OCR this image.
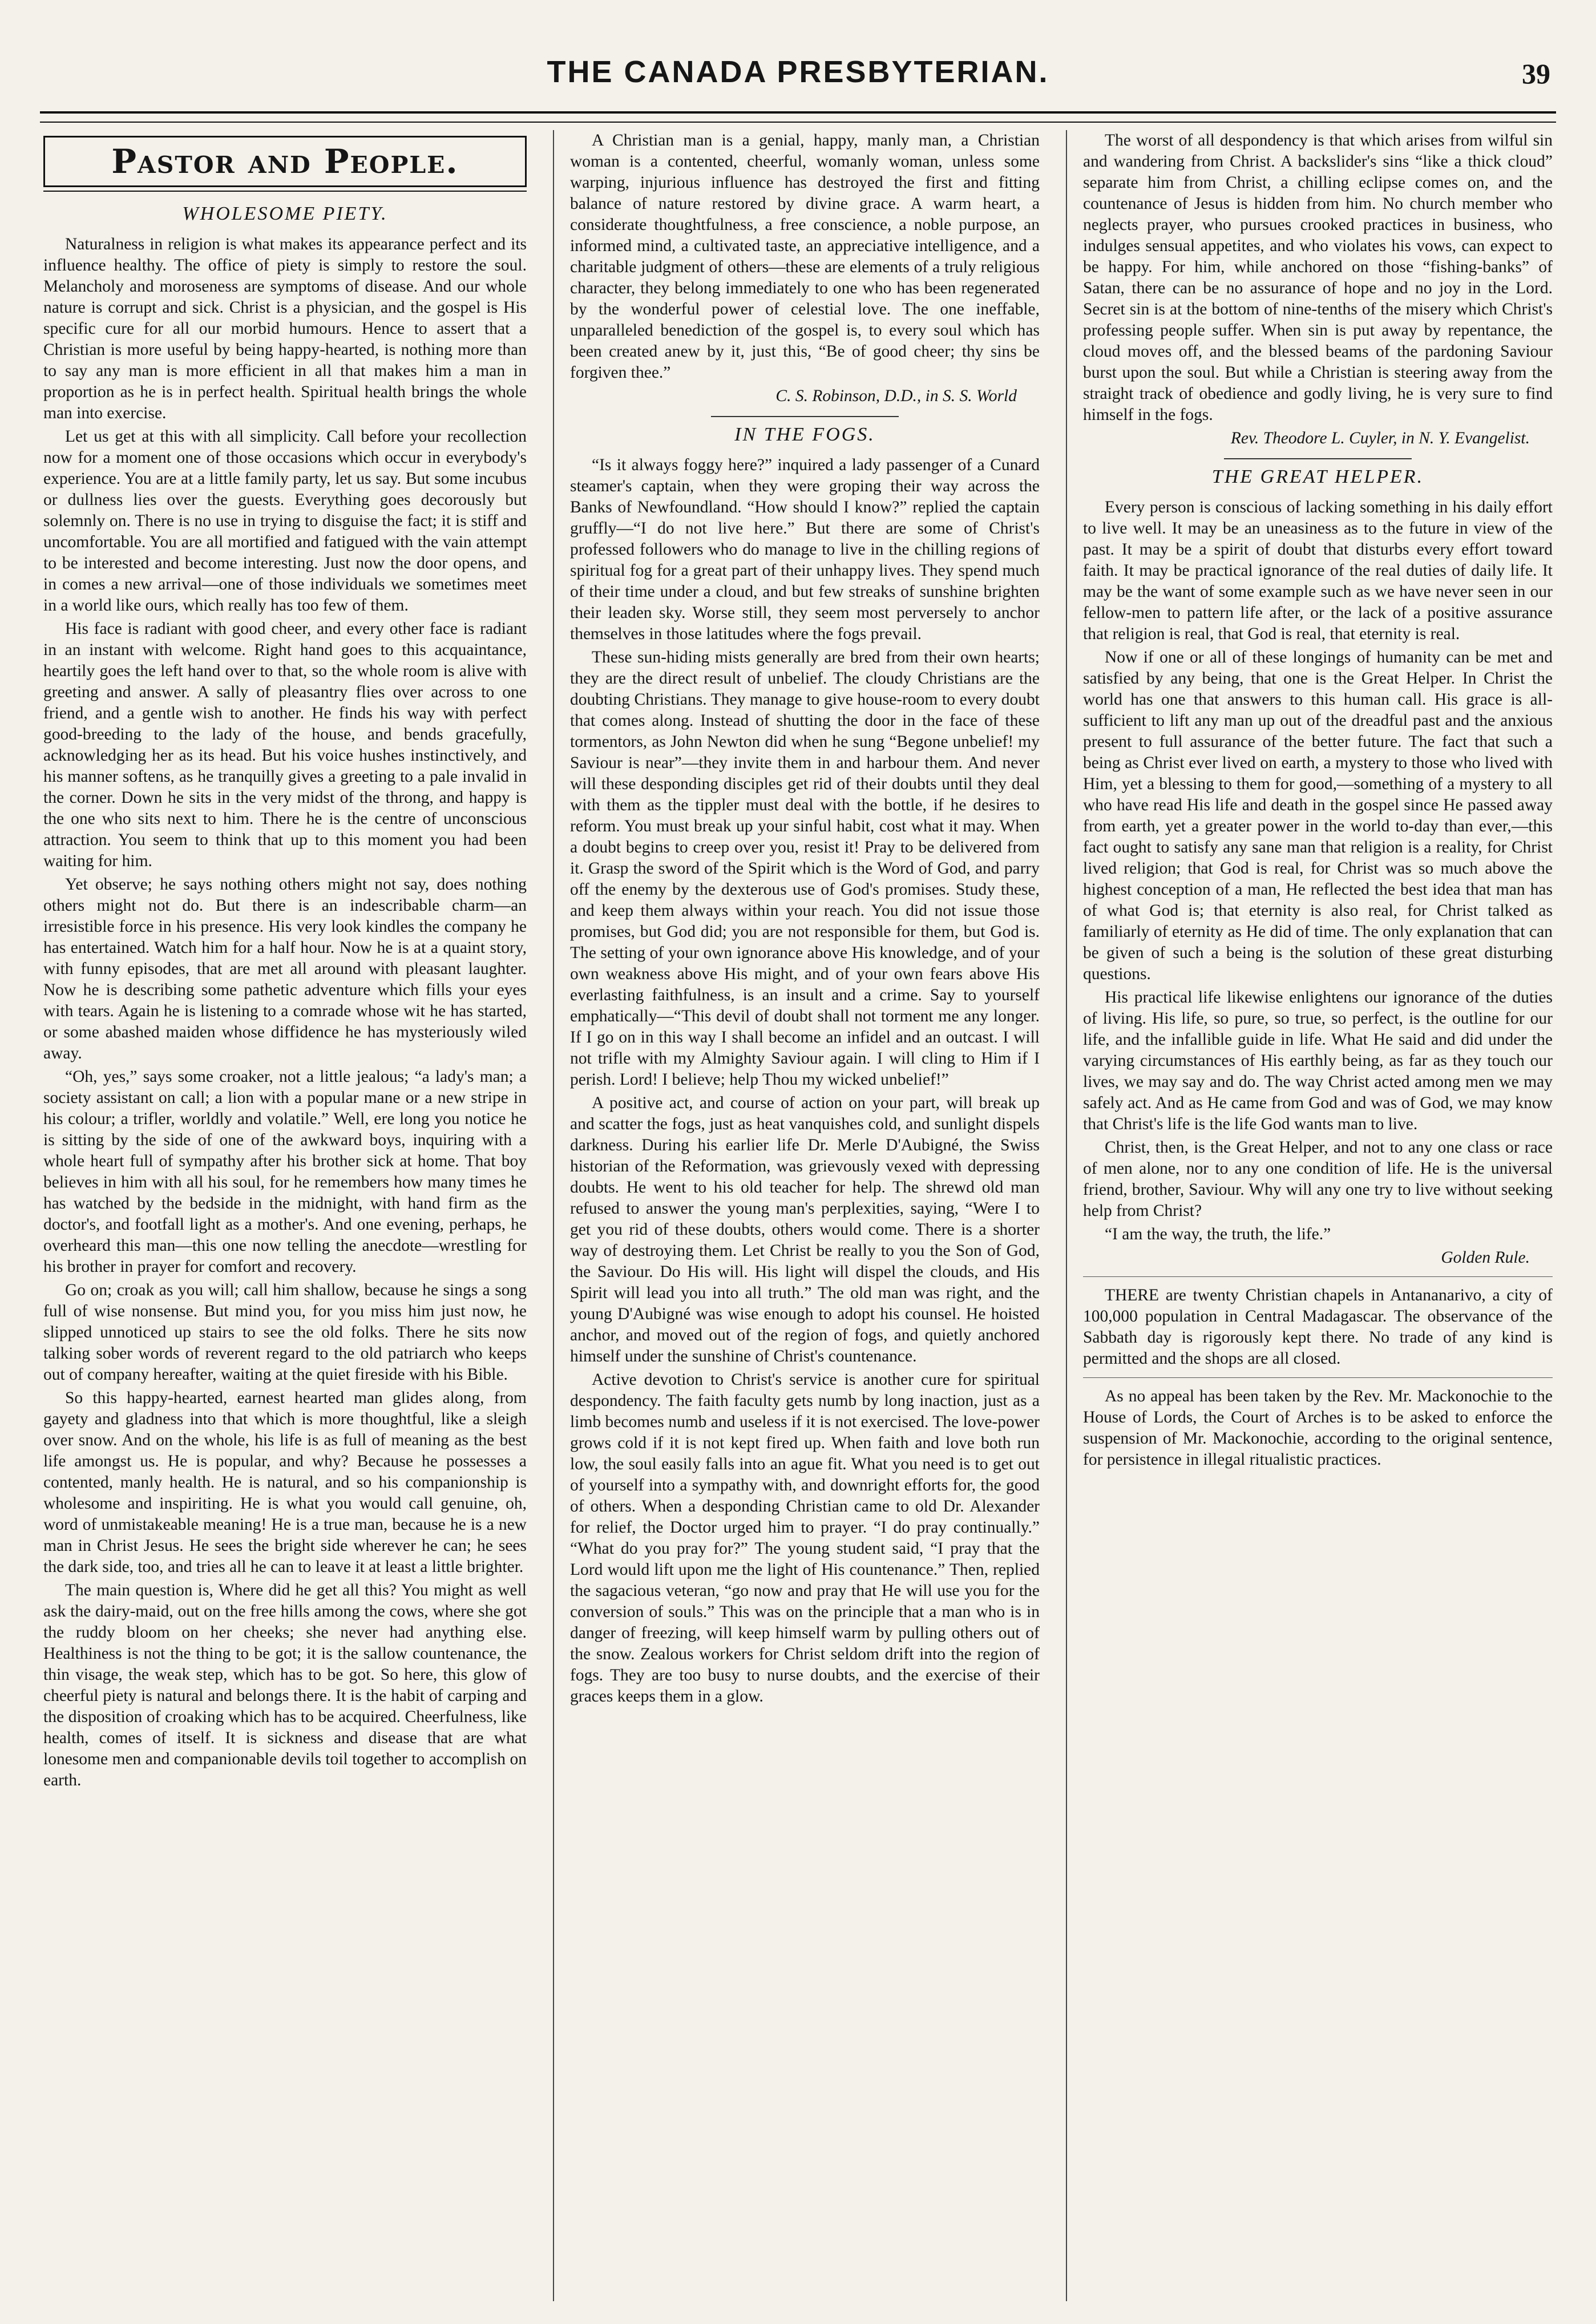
THE CANADA PRESBYTERIAN.	39
Pastor and People.
WHOLESOME PIETY.

Naturalness in religion is what makes its appearance perfect and its influence healthy. The office of piety is simply to restore the soul. Melancholy and moroseness are symptoms of disease. And our whole nature is corrupt and sick. Christ is a physician, and the gospel is His specific cure for all our morbid humours. Hence to assert that a Christian is more useful by being happy-hearted, is nothing more than to say any man is more efficient in all that makes him a man in proportion as he is in perfect health. Spiritual health brings the whole man into exercise.

Let us get at this with all simplicity. Call before your recollection now for a moment one of those occasions which occur in everybody's experience. You are at a little family party, let us say. But some incubus or dullness lies over the guests. Everything goes decorously but solemnly on. There is no use in trying to disguise the fact; it is stiff and uncomfortable. You are all mortified and fatigued with the vain attempt to be interested and become interesting. Just now the door opens, and in comes a new arrival—one of those individuals we sometimes meet in a world like ours, which really has too few of them.

His face is radiant with good cheer, and every other face is radiant in an instant with welcome. Right hand goes to this acquaintance, heartily goes the left hand over to that, so the whole room is alive with greeting and answer. A sally of pleasantry flies over across to one friend, and a gentle wish to another. He finds his way with perfect good-breeding to the lady of the house, and bends gracefully, acknowledging her as its head. But his voice hushes instinctively, and his manner softens, as he tranquilly gives a greeting to a pale invalid in the corner. Down he sits in the very midst of the throng, and happy is the one who sits next to him. There he is the centre of unconscious attraction. You seem to think that up to this moment you had been waiting for him.

Yet observe; he says nothing others might not say, does nothing others might not do. But there is an indescribable charm—an irresistible force in his presence. His very look kindles the company he has entertained. Watch him for a half hour. Now he is at a quaint story, with funny episodes, that are met all around with pleasant laughter. Now he is describing some pathetic adventure which fills your eyes with tears. Again he is listening to a comrade whose wit he has started, or some abashed maiden whose diffidence he has mysteriously wiled away.

“Oh, yes,” says some croaker, not a little jealous; “a lady's man; a society assistant on call; a lion with a popular mane or a new stripe in his colour; a trifler, worldly and volatile.” Well, ere long you notice he is sitting by the side of one of the awkward boys, inquiring with a whole heart full of sympathy after his brother sick at home. That boy believes in him with all his soul, for he remembers how many times he has watched by the bedside in the midnight, with hand firm as the doctor's, and footfall light as a mother's. And one evening, perhaps, he overheard this man—this one now telling the anecdote—wrestling for his brother in prayer for comfort and recovery.

Go on; croak as you will; call him shallow, because he sings a song full of wise nonsense. But mind you, for you miss him just now, he slipped unnoticed up stairs to see the old folks. There he sits now talking sober words of reverent regard to the old patriarch who keeps out of company hereafter, waiting at the quiet fireside with his Bible.

So this happy-hearted, earnest hearted man glides along, from gayety and gladness into that which is more thoughtful, like a sleigh over snow. And on the whole, his life is as full of meaning as the best life amongst us. He is popular, and why? Because he possesses a contented, manly health. He is natural, and so his companionship is wholesome and inspiriting. He is what you would call genuine, oh, word of unmistakeable meaning! He is a true man, because he is a new man in Christ Jesus. He sees the bright side wherever he can; he sees the dark side, too, and tries all he can to leave it at least a little brighter.

The main question is, Where did he get all this? You might as well ask the dairy-maid, out on the free hills among the cows, where she got the ruddy bloom on her cheeks; she never had anything else. Healthiness is not the thing to be got; it is the sallow countenance, the thin visage, the weak step, which has to be got. So here, this glow of cheerful piety is natural and belongs there. It is the habit of carping and the disposition of croaking which has to be acquired. Cheerfulness, like health, comes of itself. It is sickness and disease that are what lonesome men and companionable devils toil together to accomplish on earth.

A Christian man is a genial, happy, manly man, a Christian woman is a contented, cheerful, womanly woman, unless some warping, injurious influence has destroyed the first and fitting balance of nature restored by divine grace. A warm heart, a considerate thoughtfulness, a free conscience, a noble purpose, an informed mind, a cultivated taste, an appreciative intelligence, and a charitable judgment of others—these are elements of a truly religious character, they belong immediately to one who has been regenerated by the wonderful power of celestial love. The one ineffable, unparalleled benediction of the gospel is, to every soul which has been created anew by it, just this, “Be of good cheer; thy sins be forgiven thee.”

C. S. Robinson, D.D., in S. S. World
IN THE FOGS.

“Is it always foggy here?” inquired a lady passenger of a Cunard steamer's captain, when they were groping their way across the Banks of Newfoundland. “How should I know?” replied the captain gruffly—“I do not live here.” But there are some of Christ's professed followers who do manage to live in the chilling regions of spiritual fog for a great part of their unhappy lives. They spend much of their time under a cloud, and but few streaks of sunshine brighten their leaden sky. Worse still, they seem most perversely to anchor themselves in those latitudes where the fogs prevail.

These sun-hiding mists generally are bred from their own hearts; they are the direct result of unbelief. The cloudy Christians are the doubting Christians. They manage to give house-room to every doubt that comes along. Instead of shutting the door in the face of these tormentors, as John Newton did when he sung “Begone unbelief! my Saviour is near”—they invite them in and harbour them. And never will these desponding disciples get rid of their doubts until they deal with them as the tippler must deal with the bottle, if he desires to reform. You must break up your sinful habit, cost what it may. When a doubt begins to creep over you, resist it! Pray to be delivered from it. Grasp the sword of the Spirit which is the Word of God, and parry off the enemy by the dexterous use of God's promises. Study these, and keep them always within your reach. You did not issue those promises, but God did; you are not responsible for them, but God is. The setting of your own ignorance above His knowledge, and of your own weakness above His might, and of your own fears above His everlasting faithfulness, is an insult and a crime. Say to yourself emphatically—“This devil of doubt shall not torment me any longer. If I go on in this way I shall become an infidel and an outcast. I will not trifle with my Almighty Saviour again. I will cling to Him if I perish. Lord! I believe; help Thou my wicked unbelief!”

A positive act, and course of action on your part, will break up and scatter the fogs, just as heat vanquishes cold, and sunlight dispels darkness. During his earlier life Dr. Merle D'Aubigné, the Swiss historian of the Reformation, was grievously vexed with depressing doubts. He went to his old teacher for help. The shrewd old man refused to answer the young man's perplexities, saying, “Were I to get you rid of these doubts, others would come. There is a shorter way of destroying them. Let Christ be really to you the Son of God, the Saviour. Do His will. His light will dispel the clouds, and His Spirit will lead you into all truth.” The old man was right, and the young D'Aubigné was wise enough to adopt his counsel. He hoisted anchor, and moved out of the region of fogs, and quietly anchored himself under the sunshine of Christ's countenance.

Active devotion to Christ's service is another cure for spiritual despondency. The faith faculty gets numb by long inaction, just as a limb becomes numb and useless if it is not exercised. The love-power grows cold if it is not kept fired up. When faith and love both run low, the soul easily falls into an ague fit. What you need is to get out of yourself into a sympathy with, and downright efforts for, the good of others. When a desponding Christian came to old Dr. Alexander for relief, the Doctor urged him to prayer. “I do pray continually.” “What do you pray for?” The young student said, “I pray that the Lord would lift upon me the light of His countenance.” Then, replied the sagacious veteran, “go now and pray that He will use you for the conversion of souls.” This was on the principle that a man who is in danger of freezing, will keep himself warm by pulling others out of the snow. Zealous workers for Christ seldom drift into the region of fogs. They are too busy to nurse doubts, and the exercise of their graces keeps them in a glow.

The worst of all despondency is that which arises from wilful sin and wandering from Christ. A backslider's sins “like a thick cloud” separate him from Christ, a chilling eclipse comes on, and the countenance of Jesus is hidden from him. No church member who neglects prayer, who pursues crooked practices in business, who indulges sensual appetites, and who violates his vows, can expect to be happy. For him, while anchored on those “fishing-banks” of Satan, there can be no assurance of hope and no joy in the Lord. Secret sin is at the bottom of nine-tenths of the misery which Christ's professing people suffer. When sin is put away by repentance, the cloud moves off, and the blessed beams of the pardoning Saviour burst upon the soul. But while a Christian is steering away from the straight track of obedience and godly living, he is very sure to find himself in the fogs.

Rev. Theodore L. Cuyler, in N. Y. Evangelist.
THE GREAT HELPER.

Every person is conscious of lacking something in his daily effort to live well. It may be an uneasiness as to the future in view of the past. It may be a spirit of doubt that disturbs every effort toward faith. It may be practical ignorance of the real duties of daily life. It may be the want of some example such as we have never seen in our fellow-men to pattern life after, or the lack of a positive assurance that religion is real, that God is real, that eternity is real.

Now if one or all of these longings of humanity can be met and satisfied by any being, that one is the Great Helper. In Christ the world has one that answers to this human call. His grace is all-sufficient to lift any man up out of the dreadful past and the anxious present to full assurance of the better future. The fact that such a being as Christ ever lived on earth, a mystery to those who lived with Him, yet a blessing to them for good,—something of a mystery to all who have read His life and death in the gospel since He passed away from earth, yet a greater power in the world to-day than ever,—this fact ought to satisfy any sane man that religion is a reality, for Christ lived religion; that God is real, for Christ was so much above the highest conception of a man, He reflected the best idea that man has of what God is; that eternity is also real, for Christ talked as familiarly of eternity as He did of time. The only explanation that can be given of such a being is the solution of these great disturbing questions.

His practical life likewise enlightens our ignorance of the duties of living. His life, so pure, so true, so perfect, is the outline for our life, and the infallible guide in life. What He said and did under the varying circumstances of His earthly being, as far as they touch our lives, we may say and do. The way Christ acted among men we may safely act. And as He came from God and was of God, we may know that Christ's life is the life God wants man to live.

Christ, then, is the Great Helper, and not to any one class or race of men alone, nor to any one condition of life. He is the universal friend, brother, Saviour. Why will any one try to live without seeking help from Christ?

“I am the way, the truth, the life.”

Golden Rule.

THERE are twenty Christian chapels in Antananarivo, a city of 100,000 population in Central Madagascar. The observance of the Sabbath day is rigorously kept there. No trade of any kind is permitted and the shops are all closed.

As no appeal has been taken by the Rev. Mr. Mackonochie to the House of Lords, the Court of Arches is to be asked to enforce the suspension of Mr. Mackonochie, according to the original sentence, for persistence in illegal ritualistic practices.
